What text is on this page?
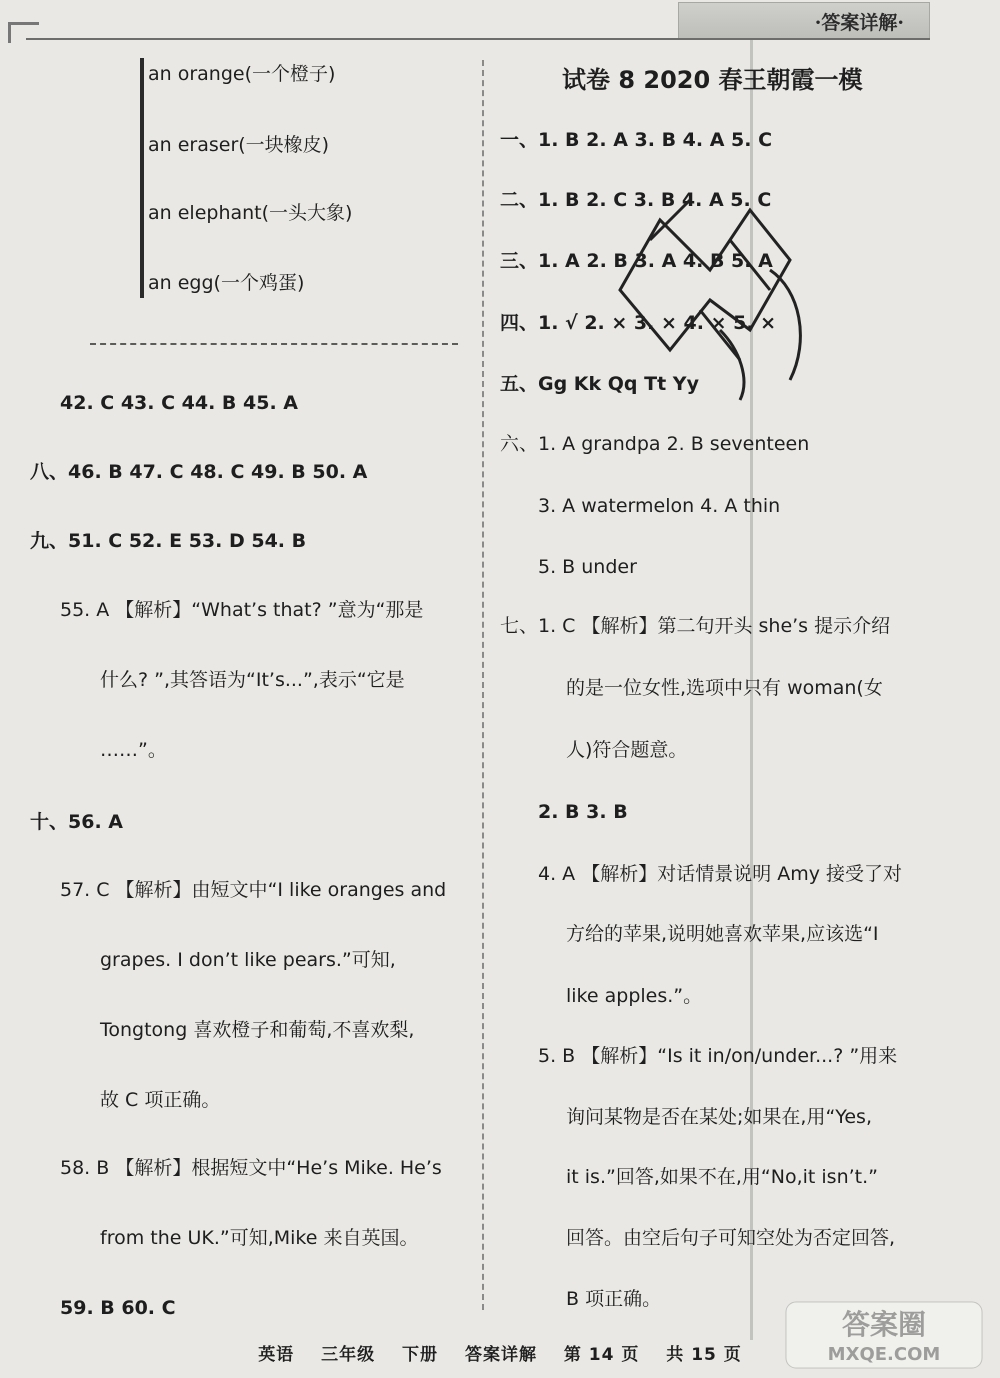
·答案详解·
an orange(一个橙子)
an eraser(一块橡皮)
an elephant(一头大象)
an egg(一个鸡蛋)
42. C 43. C 44. B 45. A
八、46. B 47. C 48. C 49. B 50. A
九、51. C 52. E 53. D 54. B
55. A 【解析】“What’s that? ”意为“那是
什么? ”,其答语为“It’s...”,表示“它是
……”。
十、56. A
57. C 【解析】由短文中“I like oranges and
grapes. I don’t like pears.”可知,
Tongtong 喜欢橙子和葡萄,不喜欢梨,
故 C 项正确。
58. B 【解析】根据短文中“He’s Mike. He’s
from the UK.”可知,Mike 来自英国。
59. B 60. C
试卷 8 2020 春王朝霞一模
一、1. B 2. A 3. B 4. A 5. C
二、1. B 2. C 3. B 4. A 5. C
三、1. A 2. B 3. A 4. B 5. A
四、1. √ 2. × 3. × 4. × 5. ×
五、Gg Kk Qq Tt Yy
六、1. A grandpa 2. B seventeen
3. A watermelon 4. A thin
5. B under
七、1. C 【解析】第二句开头 she’s 提示介绍
的是一位女性,选项中只有 woman(女
人)符合题意。
2. B 3. B
4. A 【解析】对话情景说明 Amy 接受了对
方给的苹果,说明她喜欢苹果,应该选“I
like apples.”。
5. B 【解析】“Is it in/on/under...? ”用来
询问某物是否在某处;如果在,用“Yes,
it is.”回答,如果不在,用“No,it isn’t.”
回答。由空后句子可知空处为否定回答,
B 项正确。
英语 三年级 下册 答案详解 第 14 页 共 15 页
答案圈
MXQE.COM
